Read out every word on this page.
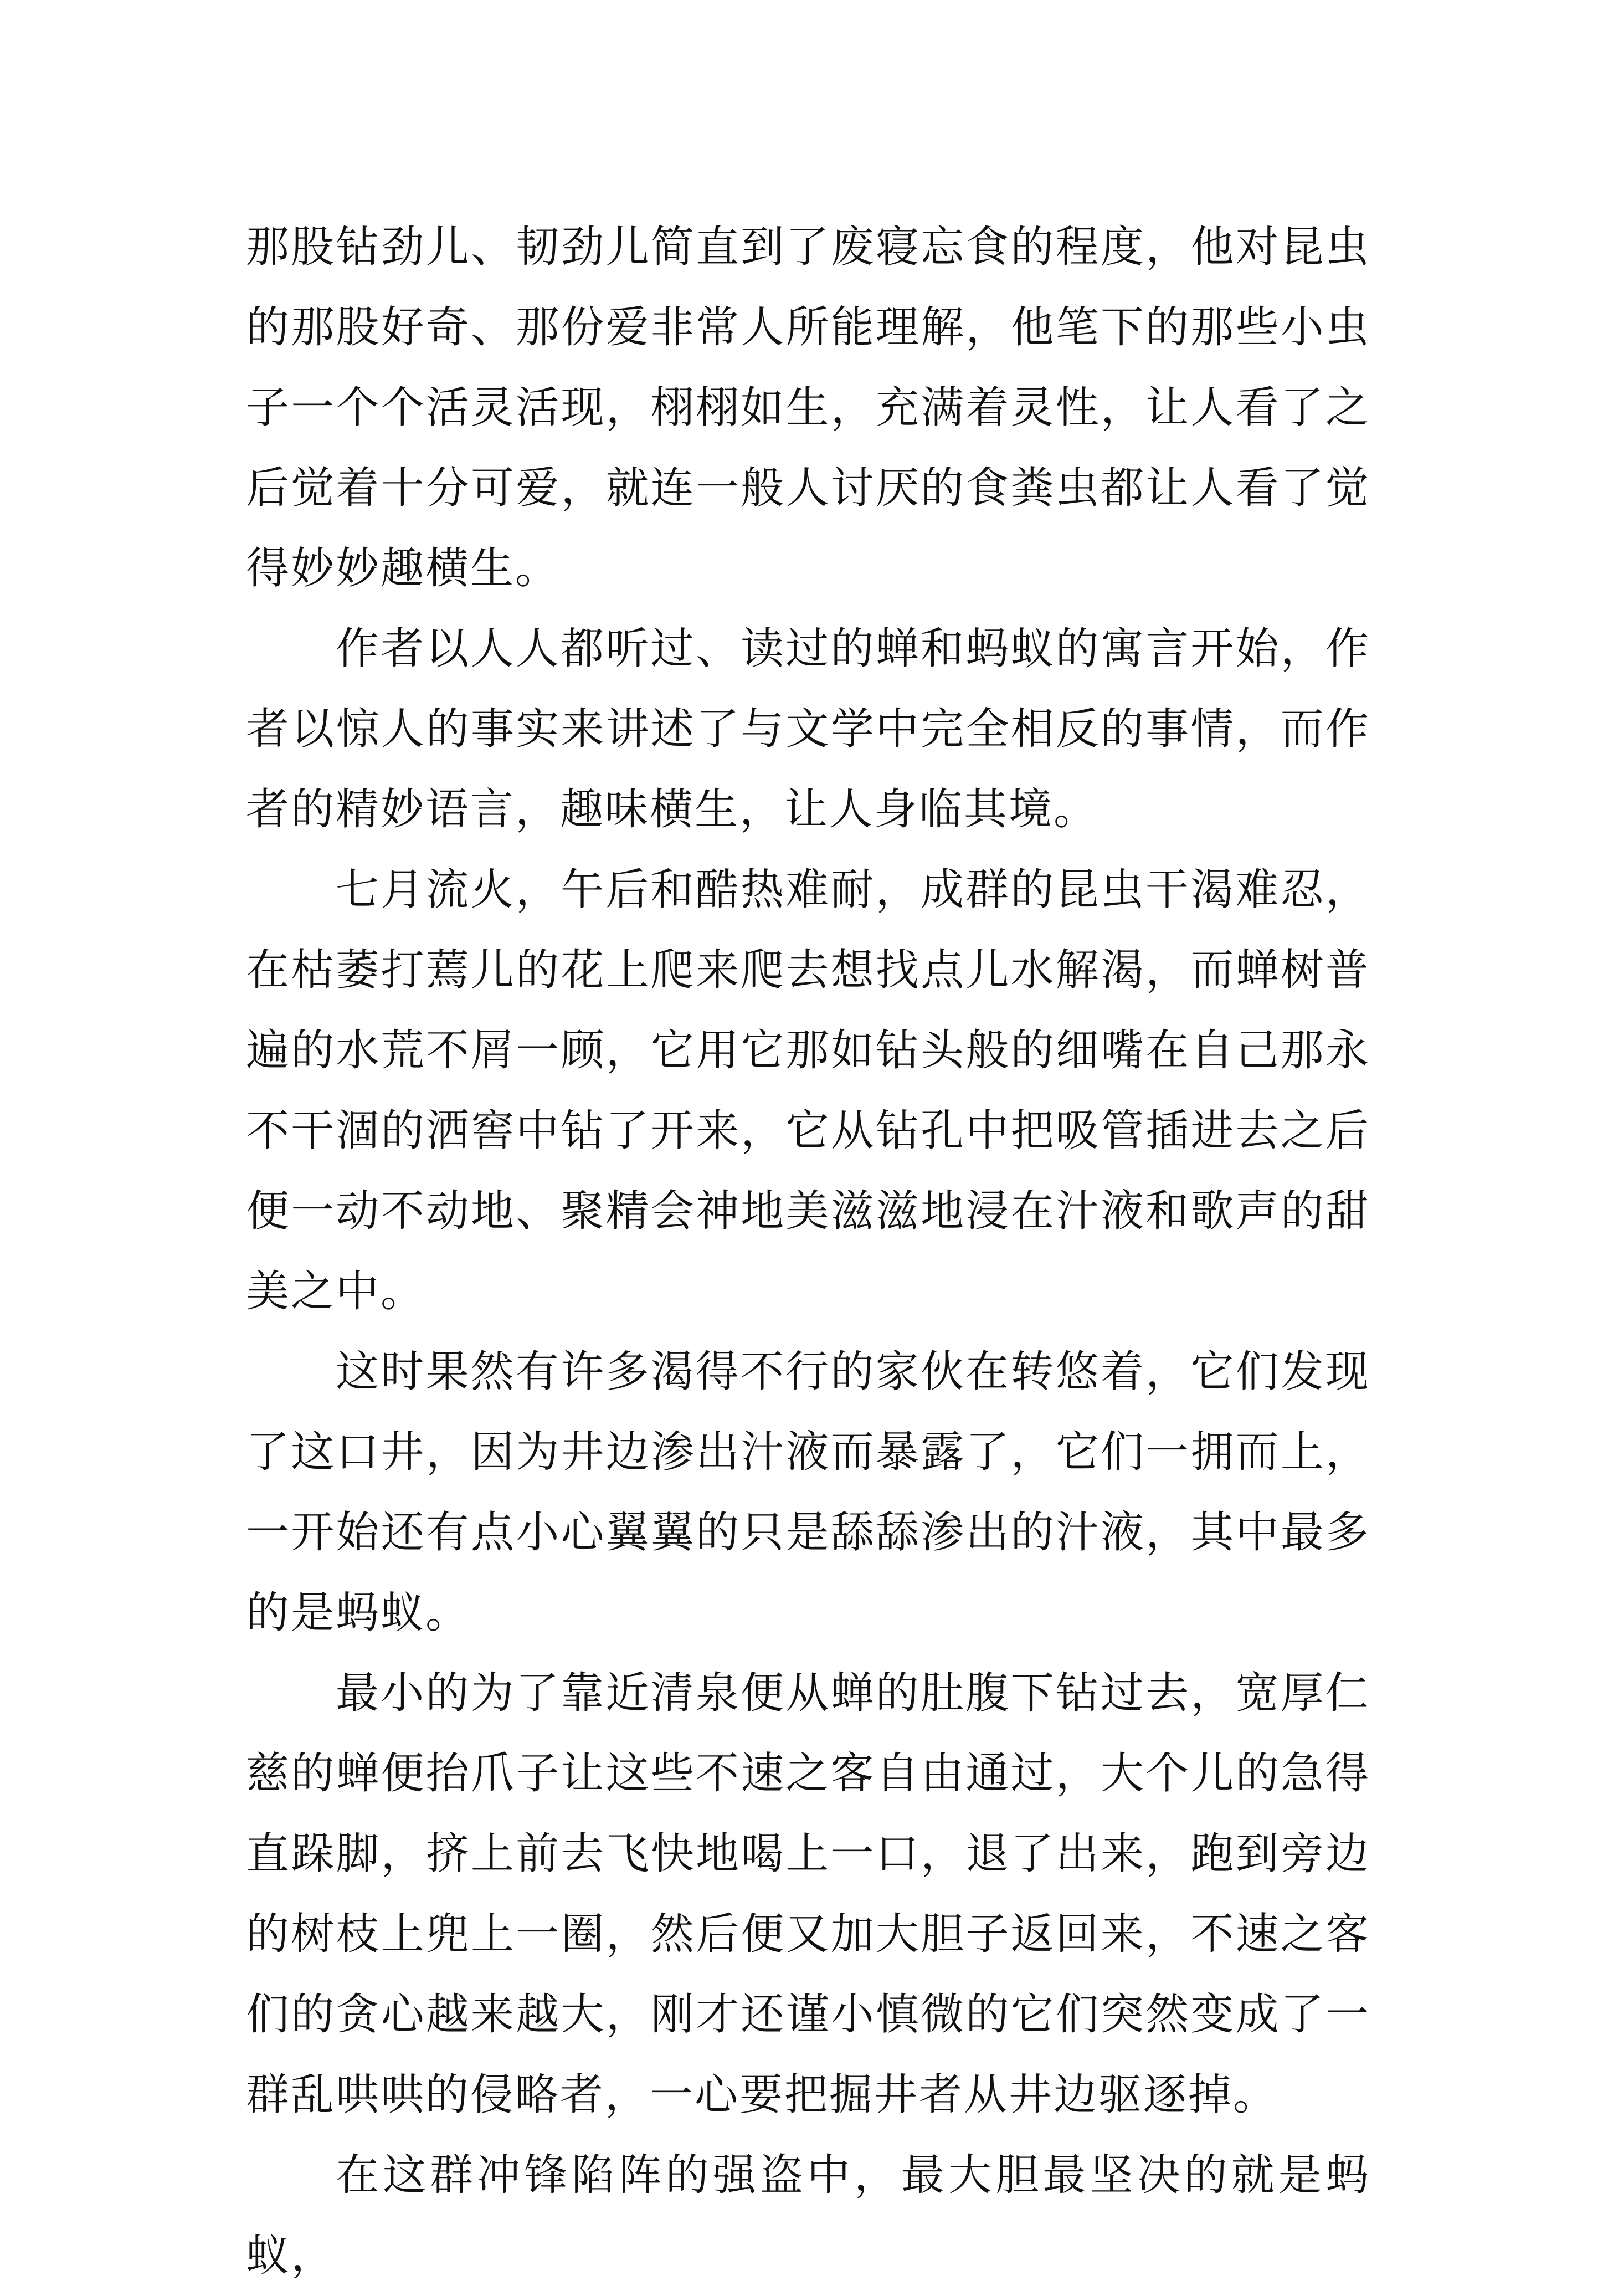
那股钻劲儿、韧劲儿简直到了废寝忘食的程度，他对昆虫的那股好奇、那份爱非常人所能理解，他笔下的那些小虫子一个个活灵活现，栩栩如生，充满着灵性，让人看了之后觉着十分可爱，就连一般人讨厌的食粪虫都让人看了觉得妙妙趣横生。

作者以人人都听过、读过的蝉和蚂蚁的寓言开始，作者以惊人的事实来讲述了与文学中完全相反的事情，而作者的精妙语言，趣味横生，让人身临其境。

七月流火，午后和酷热难耐，成群的昆虫干渴难忍，在枯萎打蔫儿的花上爬来爬去想找点儿水解渴，而蝉树普遍的水荒不屑一顾，它用它那如钻头般的细嘴在自己那永不干涸的洒窖中钻了开来，它从钻孔中把吸管插进去之后便一动不动地、聚精会神地美滋滋地浸在汁液和歌声的甜美之中。

这时果然有许多渴得不行的家伙在转悠着，它们发现了这口井，因为井边渗出汁液而暴露了，它们一拥而上，一开始还有点小心翼翼的只是舔舔渗出的汁液，其中最多的是蚂蚁。

最小的为了靠近清泉便从蝉的肚腹下钻过去，宽厚仁慈的蝉便抬爪子让这些不速之客自由通过，大个儿的急得直跺脚，挤上前去飞快地喝上一口，退了出来，跑到旁边的树枝上兜上一圈，然后便又加大胆子返回来，不速之客们的贪心越来越大，刚才还谨小慎微的它们突然变成了一群乱哄哄的侵略者，一心要把掘井者从井边驱逐掉。

在这群冲锋陷阵的强盗中，最大胆最坚决的就是蚂蚁，
